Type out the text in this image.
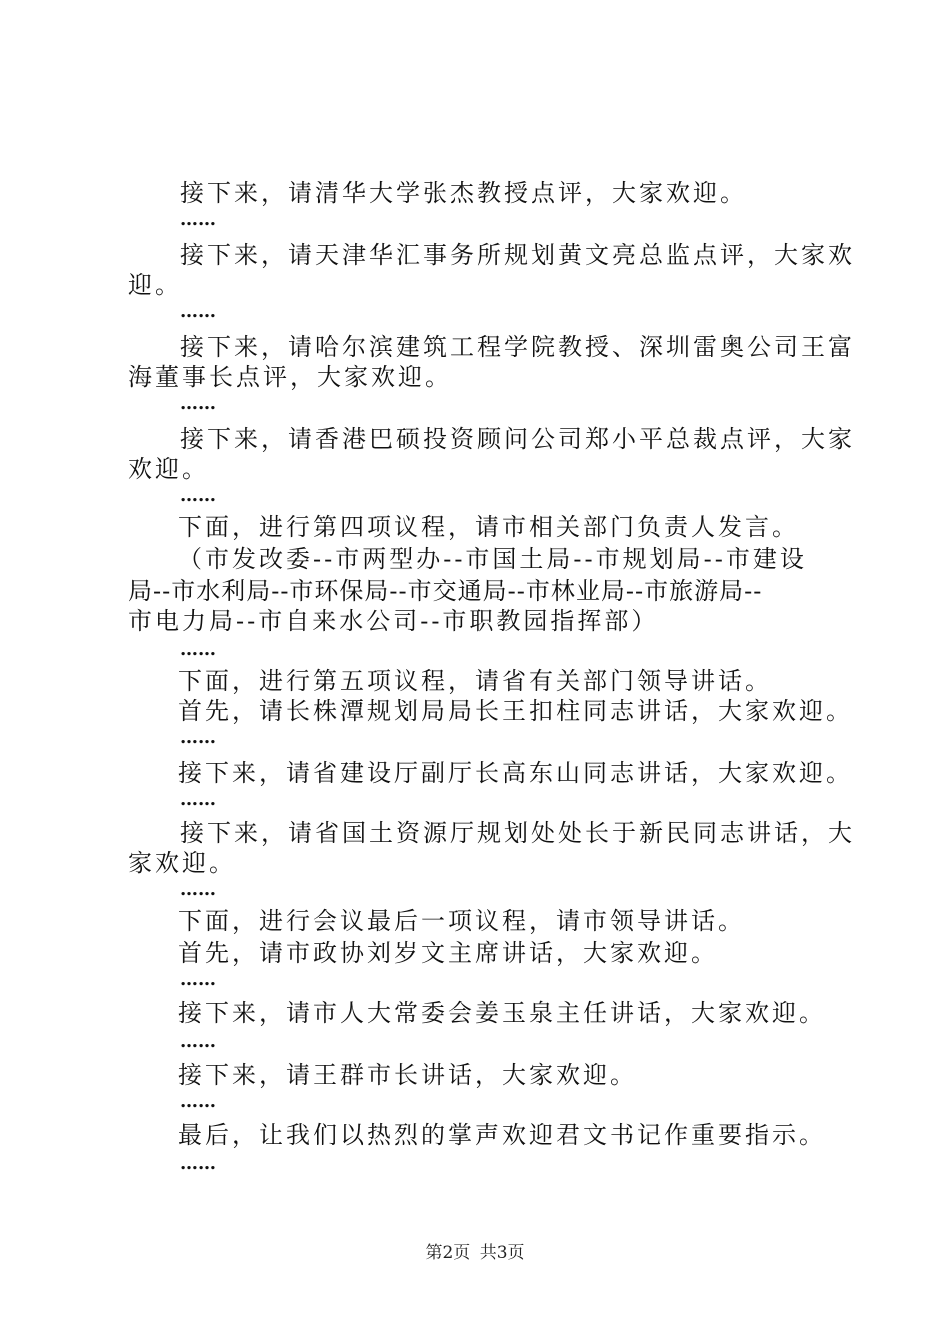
接下来，请清华大学张杰教授点评，大家欢迎。
……
接下来，请天津华汇事务所规划黄文亮总监点评，大家欢
迎。
……
接下来，请哈尔滨建筑工程学院教授、深圳雷奥公司王富
海董事长点评，大家欢迎。
……
接下来，请香港巴硕投资顾问公司郑小平总裁点评，大家
欢迎。
……
下面，进行第四项议程，请市相关部门负责人发言。
（市发改委--市两型办--市国土局--市规划局--市建设
局--市水利局--市环保局--市交通局--市林业局--市旅游局--
市电力局--市自来水公司--市职教园指挥部）
……
下面，进行第五项议程，请省有关部门领导讲话。
首先，请长株潭规划局局长王扣柱同志讲话，大家欢迎。
……
接下来，请省建设厅副厅长高东山同志讲话，大家欢迎。
……
接下来，请省国土资源厅规划处处长于新民同志讲话，大
家欢迎。
……
下面，进行会议最后一项议程，请市领导讲话。
首先，请市政协刘岁文主席讲话，大家欢迎。
……
接下来，请市人大常委会姜玉泉主任讲话，大家欢迎。
……
接下来，请王群市长讲话，大家欢迎。
……
最后，让我们以热烈的掌声欢迎君文书记作重要指示。
……
第2页 共3页
